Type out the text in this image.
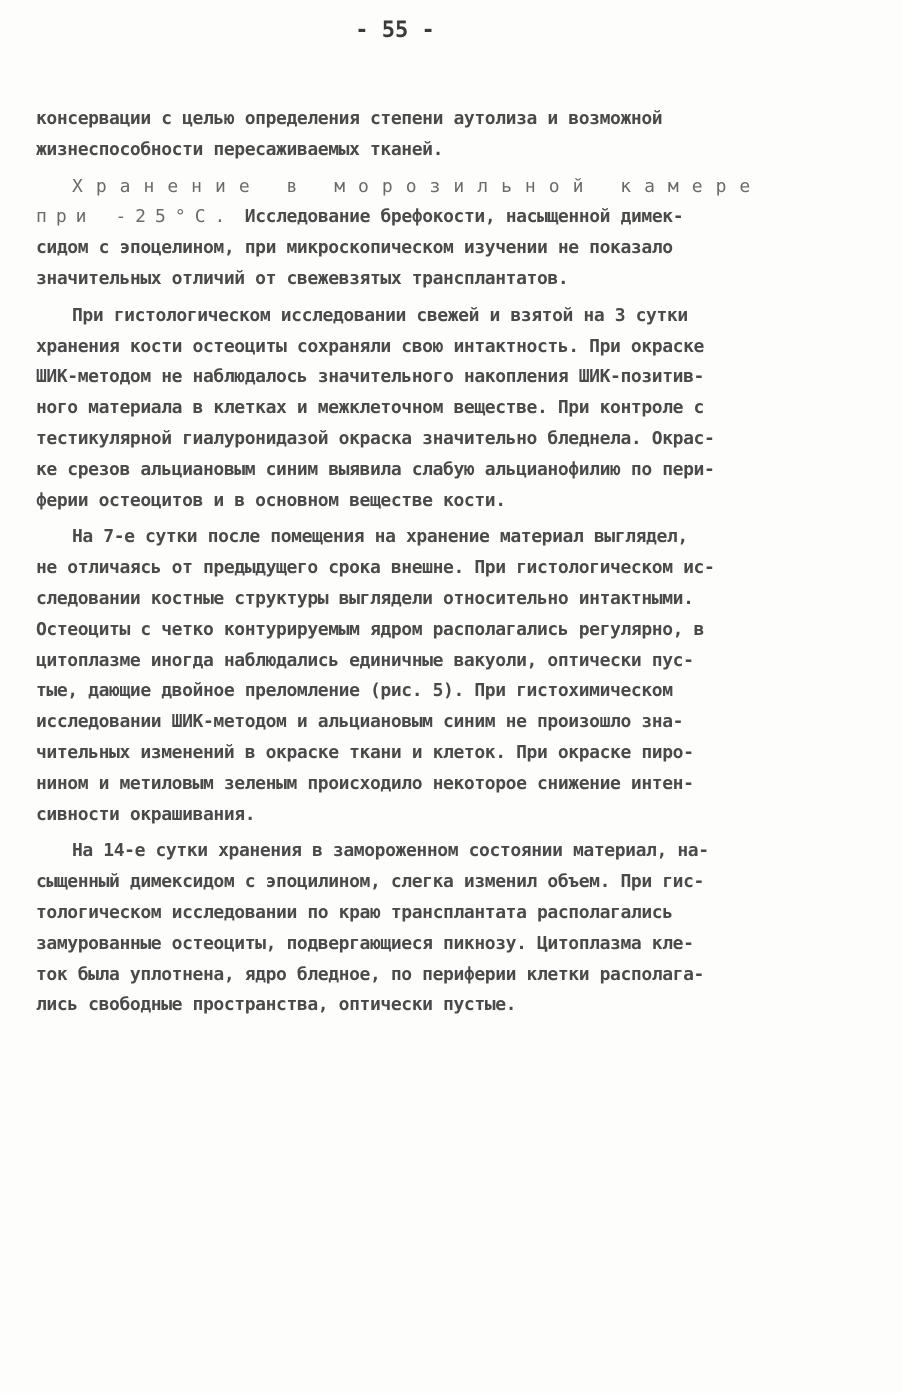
- 55 -
консервации с целью определения степени аутолиза и возможной
жизнеспособности пересаживаемых тканей.
Хранение в морозильной камере
при -25°С. Исследование брефокости, насыщенной димек-
сидом с эпоцелином, при микроскопическом изучении не показало
значительных отличий от свежевзятых трансплантатов.
При гистологическом исследовании свежей и взятой на 3 сутки
хранения кости остеоциты сохраняли свою интактность. При окраске
ШИК-методом не наблюдалось значительного накопления ШИК-позитив-
ного материала в клетках и межклеточном веществе. При контроле с
тестикулярной гиалуронидазой окраска значительно бледнела. Окрас-
ке срезов альциановым синим выявила слабую альцианофилию по пери-
ферии остеоцитов и в основном веществе кости.
На 7-е сутки после помещения на хранение материал выглядел,
не отличаясь от предыдущего срока внешне. При гистологическом ис-
следовании костные структуры выглядели относительно интактными.
Остеоциты с четко контурируемым ядром располагались регулярно, в
цитоплазме иногда наблюдались единичные вакуоли, оптически пус-
тые, дающие двойное преломление (рис. 5). При гистохимическом
исследовании ШИК-методом и альциановым синим не произошло зна-
чительных изменений в окраске ткани и клеток. При окраске пиро-
нином и метиловым зеленым происходило некоторое снижение интен-
сивности окрашивания.
На 14-е сутки хранения в замороженном состоянии материал, на-
сыщенный димексидом с эпоцилином, слегка изменил объем. При гис-
тологическом исследовании по краю трансплантата располагались
замурованные остеоциты, подвергающиеся пикнозу. Цитоплазма кле-
ток была уплотнена, ядро бледное, по периферии клетки располага-
лись свободные пространства, оптически пустые.
